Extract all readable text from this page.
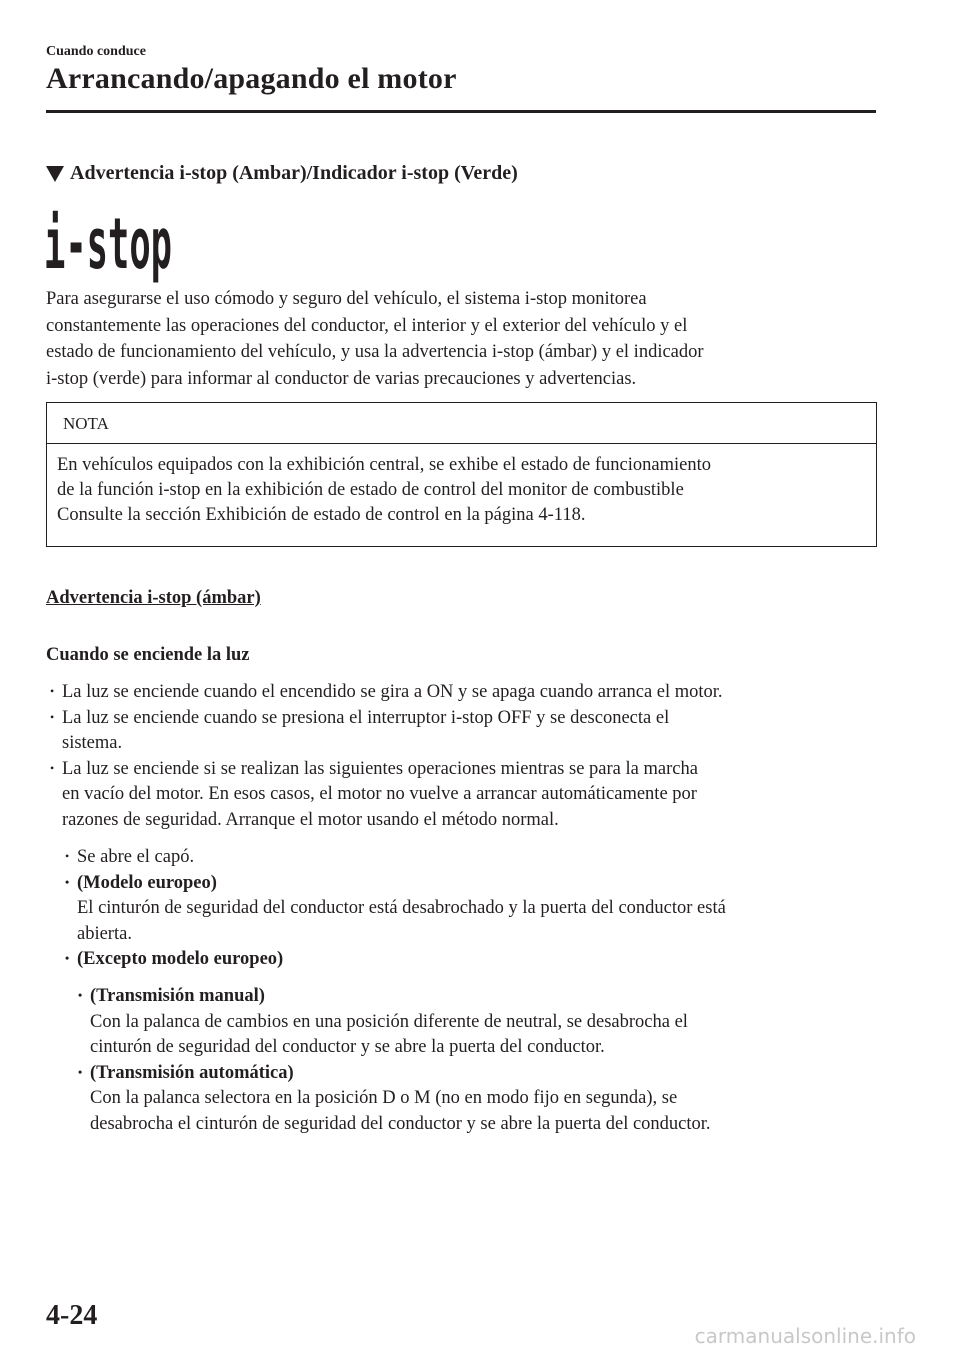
Cuando conduce
Arrancando/apagando el motor
Advertencia i-stop (Ambar)/Indicador i-stop (Verde)
i-stop
Para asegurarse el uso cómodo y seguro del vehículo, el sistema i-stop monitorea
constantemente las operaciones del conductor, el interior y el exterior del vehículo y el
estado de funcionamiento del vehículo, y usa la advertencia i-stop (ámbar) y el indicador
i-stop (verde) para informar al conductor de varias precauciones y advertencias.
NOTA
En vehículos equipados con la exhibición central, se exhibe el estado de funcionamiento
de la función i-stop en la exhibición de estado de control del monitor de combustible
Consulte la sección Exhibición de estado de control en la página 4-118.
Advertencia i-stop (ámbar)
Cuando se enciende la luz
• La luz se enciende cuando el encendido se gira a ON y se apaga cuando arranca el motor.
• La luz se enciende cuando se presiona el interruptor i-stop OFF y se desconecta el
sistema.
• La luz se enciende si se realizan las siguientes operaciones mientras se para la marcha
en vacío del motor. En esos casos, el motor no vuelve a arrancar automáticamente por
razones de seguridad. Arranque el motor usando el método normal.
• Se abre el capó.
• (Modelo europeo)
El cinturón de seguridad del conductor está desabrochado y la puerta del conductor está
abierta.
• (Excepto modelo europeo)
• (Transmisión manual)
Con la palanca de cambios en una posición diferente de neutral, se desabrocha el
cinturón de seguridad del conductor y se abre la puerta del conductor.
• (Transmisión automática)
Con la palanca selectora en la posición D o M (no en modo fijo en segunda), se
desabrocha el cinturón de seguridad del conductor y se abre la puerta del conductor.
4-24
carmanualsonline.info
